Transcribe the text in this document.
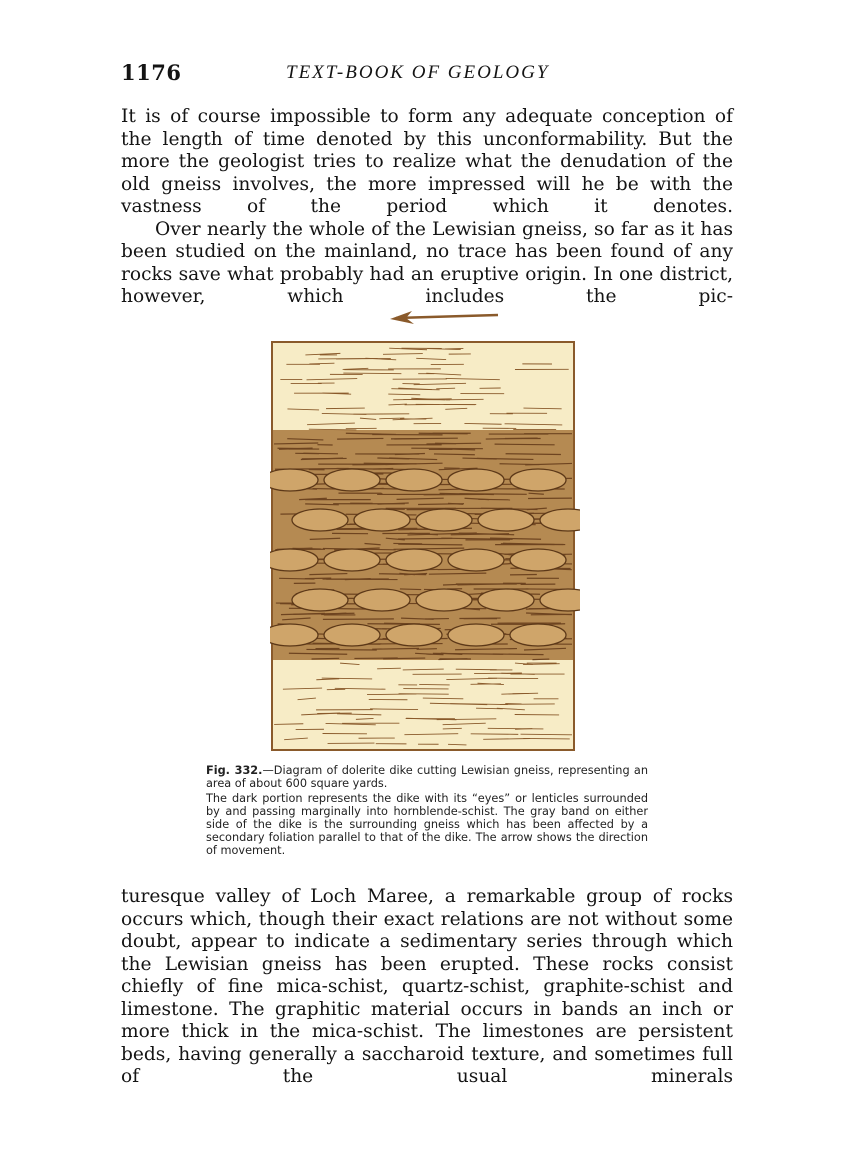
1176	TEXT-BOOK OF GEOLOGY

It is of course impossible to form any adequate conception of the length of time denoted by this unconformability. But the more the geologist tries to realize what the denudation of the old gneiss involves, the more impressed will he be with the vastness of the period which it denotes.

Over nearly the whole of the Lewisian gneiss, so far as it has been studied on the mainland, no trace has been found of any rocks save what probably had an eruptive origin. In one district, however, which includes the pic-

Fig. 332.—Diagram of dolerite dike cutting Lewisian gneiss, representing an area of about 600 square yards.

The dark portion represents the dike with its “eyes” or lenticles surrounded by and passing marginally into hornblende-schist. The gray band on either side of the dike is the surrounding gneiss which has been affected by a secondary foliation parallel to that of the dike. The arrow shows the direction of movement.

turesque valley of Loch Maree, a remarkable group of rocks occurs which, though their exact relations are not without some doubt, appear to indicate a sedimentary series through which the Lewisian gneiss has been erupted. These rocks consist chiefly of fine mica-schist, quartz-schist, graphite-schist and limestone. The graphitic material occurs in bands an inch or more thick in the mica-schist. The limestones are persistent beds, having generally a saccharoid texture, and sometimes full of the usual minerals
